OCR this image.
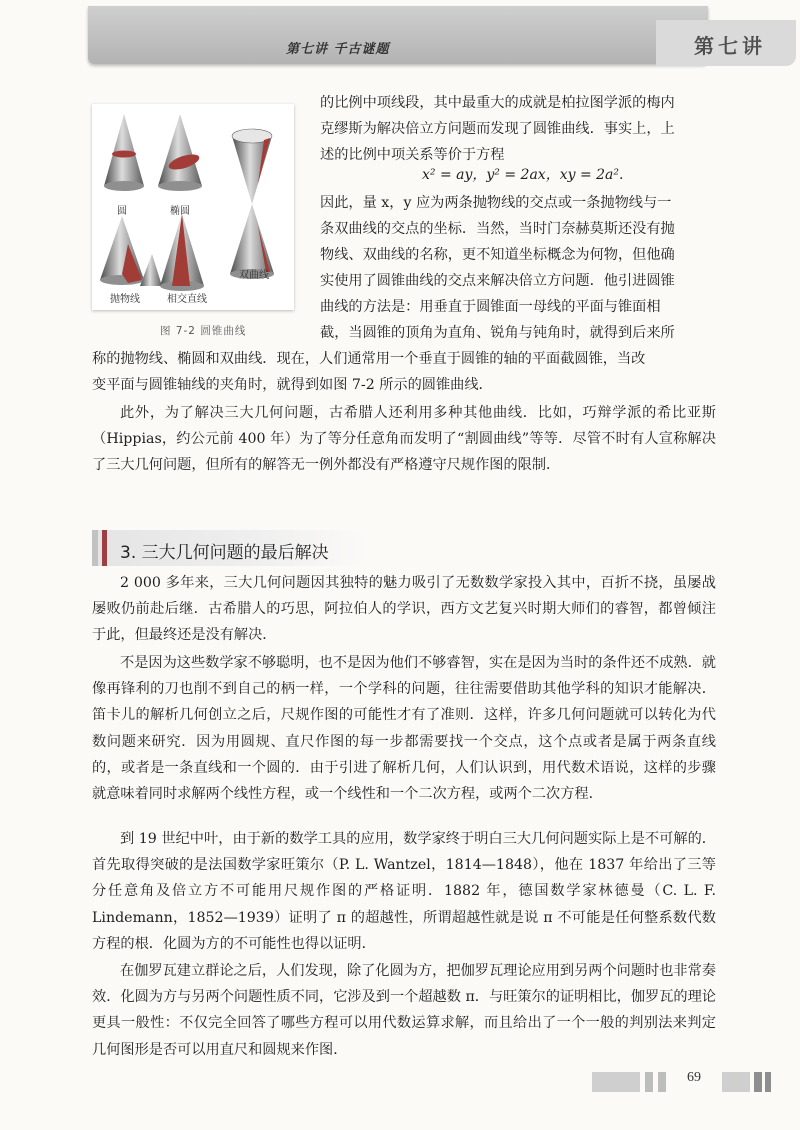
第七讲 千古谜题	第七讲
圆	椭圆
双曲线
抛物线	相交直线
图 7-2 圆锥曲线

的比例中项线段，其中最重大的成就是柏拉图学派的梅内

克缪斯为解决倍立方问题而发现了圆锥曲线．事实上，上

述的比例中项关系等价于方程

x² = ay，y² = 2ax，xy = 2a².

因此，量 x，y 应为两条抛物线的交点或一条抛物线与一

条双曲线的交点的坐标．当然，当时门奈赫莫斯还没有抛

物线、双曲线的名称，更不知道坐标概念为何物，但他确

实使用了圆锥曲线的交点来解决倍立方问题．他引进圆锥

曲线的方法是：用垂直于圆锥面一母线的平面与锥面相

截，当圆锥的顶角为直角、锐角与钝角时，就得到后来所

称的抛物线、椭圆和双曲线．现在，人们通常用一个垂直于圆锥的轴的平面截圆锥，当改

变平面与圆锥轴线的夹角时，就得到如图 7-2 所示的圆锥曲线．

此外，为了解决三大几何问题，古希腊人还利用多种其他曲线．比如，巧辩学派的希比亚斯（Hippias，约公元前 400 年）为了等分任意角而发明了“割圆曲线”等等．尽管不时有人宣称解决了三大几何问题，但所有的解答无一例外都没有严格遵守尺规作图的限制．

3. 三大几何问题的最后解决

2 000 多年来，三大几何问题因其独特的魅力吸引了无数数学家投入其中，百折不挠，虽屡战屡败仍前赴后继．古希腊人的巧思，阿拉伯人的学识，西方文艺复兴时期大师们的睿智，都曾倾注于此，但最终还是没有解决．

不是因为这些数学家不够聪明，也不是因为他们不够睿智，实在是因为当时的条件还不成熟．就像再锋利的刀也削不到自己的柄一样，一个学科的问题，往往需要借助其他学科的知识才能解决．笛卡儿的解析几何创立之后，尺规作图的可能性才有了准则．这样，许多几何问题就可以转化为代数问题来研究．因为用圆规、直尺作图的每一步都需要找一个交点，这个点或者是属于两条直线的，或者是一条直线和一个圆的．由于引进了解析几何，人们认识到，用代数术语说，这样的步骤就意味着同时求解两个线性方程，或一个线性和一个二次方程，或两个二次方程．

到 19 世纪中叶，由于新的数学工具的应用，数学家终于明白三大几何问题实际上是不可解的．首先取得突破的是法国数学家旺策尔（P. L. Wantzel，1814—1848），他在 1837 年给出了三等分任意角及倍立方不可能用尺规作图的严格证明．1882 年，德国数学家林德曼（C. L. F. Lindemann，1852—1939）证明了 π 的超越性，所谓超越性就是说 π 不可能是任何整系数代数方程的根．化圆为方的不可能性也得以证明．

在伽罗瓦建立群论之后，人们发现，除了化圆为方，把伽罗瓦理论应用到另两个问题时也非常奏效．化圆为方与另两个问题性质不同，它涉及到一个超越数 π．与旺策尔的证明相比，伽罗瓦的理论更具一般性：不仅完全回答了哪些方程可以用代数运算求解，而且给出了一个一般的判别法来判定几何图形是否可以用直尺和圆规来作图．

69
